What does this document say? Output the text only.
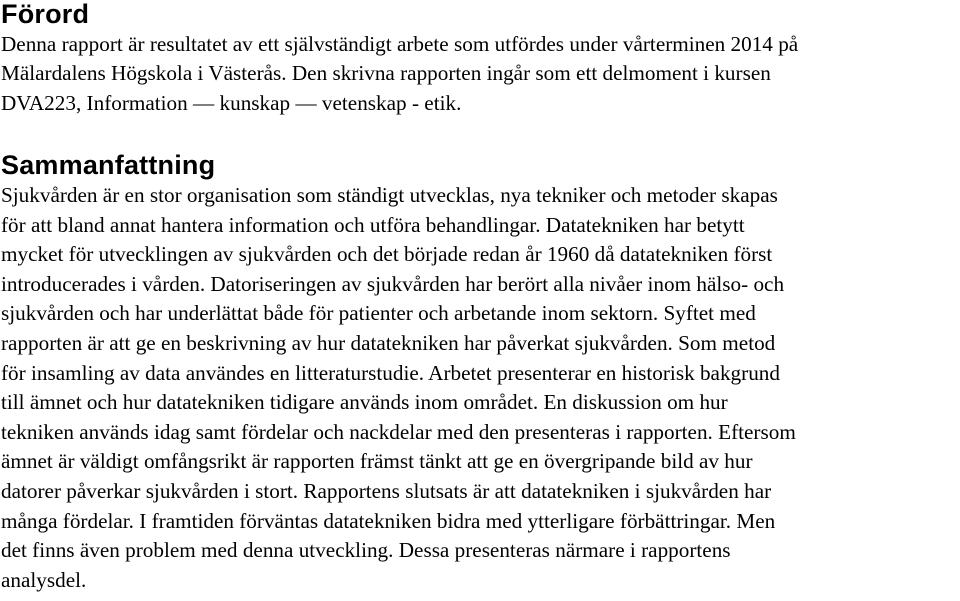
Förord

Denna rapport är resultatet av ett självständigt arbete som utfördes under vårterminen 2014 på
Mälardalens Högskola i Västerås. Den skrivna rapporten ingår som ett delmoment i kursen
DVA223, Information — kunskap — vetenskap - etik.

Sammanfattning

Sjukvården är en stor organisation som ständigt utvecklas, nya tekniker och metoder skapas
för att bland annat hantera information och utföra behandlingar. Datatekniken har betytt
mycket för utvecklingen av sjukvården och det började redan år 1960 då datatekniken först
introducerades i vården. Datoriseringen av sjukvården har berört alla nivåer inom hälso- och
sjukvården och har underlättat både för patienter och arbetande inom sektorn. Syftet med
rapporten är att ge en beskrivning av hur datatekniken har påverkat sjukvården. Som metod
för insamling av data användes en litteraturstudie. Arbetet presenterar en historisk bakgrund
till ämnet och hur datatekniken tidigare används inom området. En diskussion om hur
tekniken används idag samt fördelar och nackdelar med den presenteras i rapporten. Eftersom
ämnet är väldigt omfångsrikt är rapporten främst tänkt att ge en övergripande bild av hur
datorer påverkar sjukvården i stort. Rapportens slutsats är att datatekniken i sjukvården har
många fördelar. I framtiden förväntas datatekniken bidra med ytterligare förbättringar. Men
det finns även problem med denna utveckling. Dessa presenteras närmare i rapportens
analysdel.
